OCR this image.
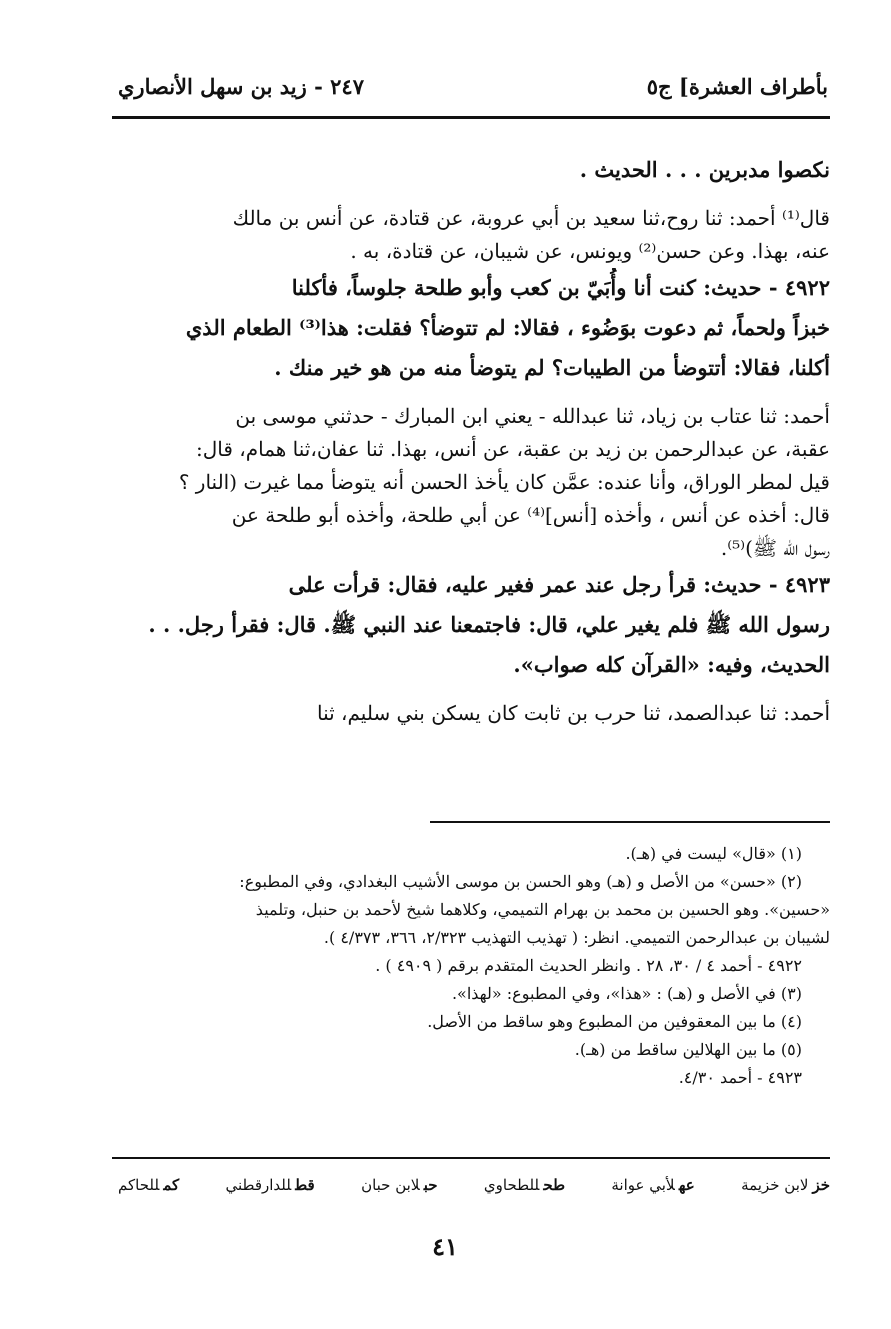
بأطراف العشرة] ج٥
٢٤٧ - زيد بن سهل الأنصاري
نكصوا مدبرين . . . الحديث .
قال⁽¹⁾ أحمد: ثنا روح،ثنا سعيد بن أبي عروبة، عن قتادة، عن أنس بن مالك
عنه، بهذا. وعن حسن⁽²⁾ ويونس، عن شيبان، عن قتادة، به .
٤٩٢٢ - حديث: كنت أنا وأُبَيّ بن كعب وأبو طلحة جلوساً، فأكلنا
خبزاً ولحماً، ثم دعوت بوَضُوء ، فقالا: لم تتوضأ؟ فقلت: هذا⁽³⁾ الطعام الذي
أكلنا، فقالا: أتتوضأ من الطيبات؟ لم يتوضأ منه من هو خير منك .
أحمد: ثنا عتاب بن زياد، ثنا عبدالله - يعني ابن المبارك - حدثني موسى بن
عقبة، عن عبدالرحمن بن زيد بن عقبة، عن أنس، بهذا. ثنا عفان،ثنا همام، قال:
قيل لمطر الوراق، وأنا عنده: عمَّن كان يأخذ الحسن أنه يتوضأ مما غيرت (النار ؟
قال: أخذه عن أنس ، وأخذه [أنس]⁽⁴⁾ عن أبي طلحة، وأخذه أبو طلحة عن
رسول الله ﷺ)⁽⁵⁾.
٤٩٢٣ - حديث: قرأ رجل عند عمر فغير عليه، فقال: قرأت على
رسول الله ﷺ فلم يغير علي، قال: فاجتمعنا عند النبي ﷺ. قال: فقرأ رجل. . .
الحديث، وفيه: «القرآن كله صواب».
أحمد: ثنا عبدالصمد، ثنا حرب بن ثابت كان يسكن بني سليم، ثنا
(١) «قال» ليست في (هـ).
(٢) «حسن» من الأصل و (هـ) وهو الحسن بن موسى الأشيب البغدادي، وفي المطبوع:
«حسين». وهو الحسين بن محمد بن بهرام التميمي، وكلاهما شيخ لأحمد بن حنبل، وتلميذ
لشيبان بن عبدالرحمن التميمي. انظر: ( تهذيب التهذيب ٢/٣٢٣، ٣٦٦، ٤/٣٧٣ ).
٤٩٢٢ - أحمد ٤ / ٣٠، ٢٨ . وانظر الحديث المتقدم برقم ( ٤٩٠٩ ) .
(٣) في الأصل و (هـ) : «هذا»، وفي المطبوع: «لهذا».
(٤) ما بين المعقوفين من المطبوع وهو ساقط من الأصل.
(٥) ما بين الهلالين ساقط من (هـ).
٤٩٢٣ - أحمد ٤/٣٠.
خزلابن خزيمة
عهلأبي عوانة
طحللطحاوي
حبلابن حبان
قطللدارقطني
كمللحاكم
٤١
